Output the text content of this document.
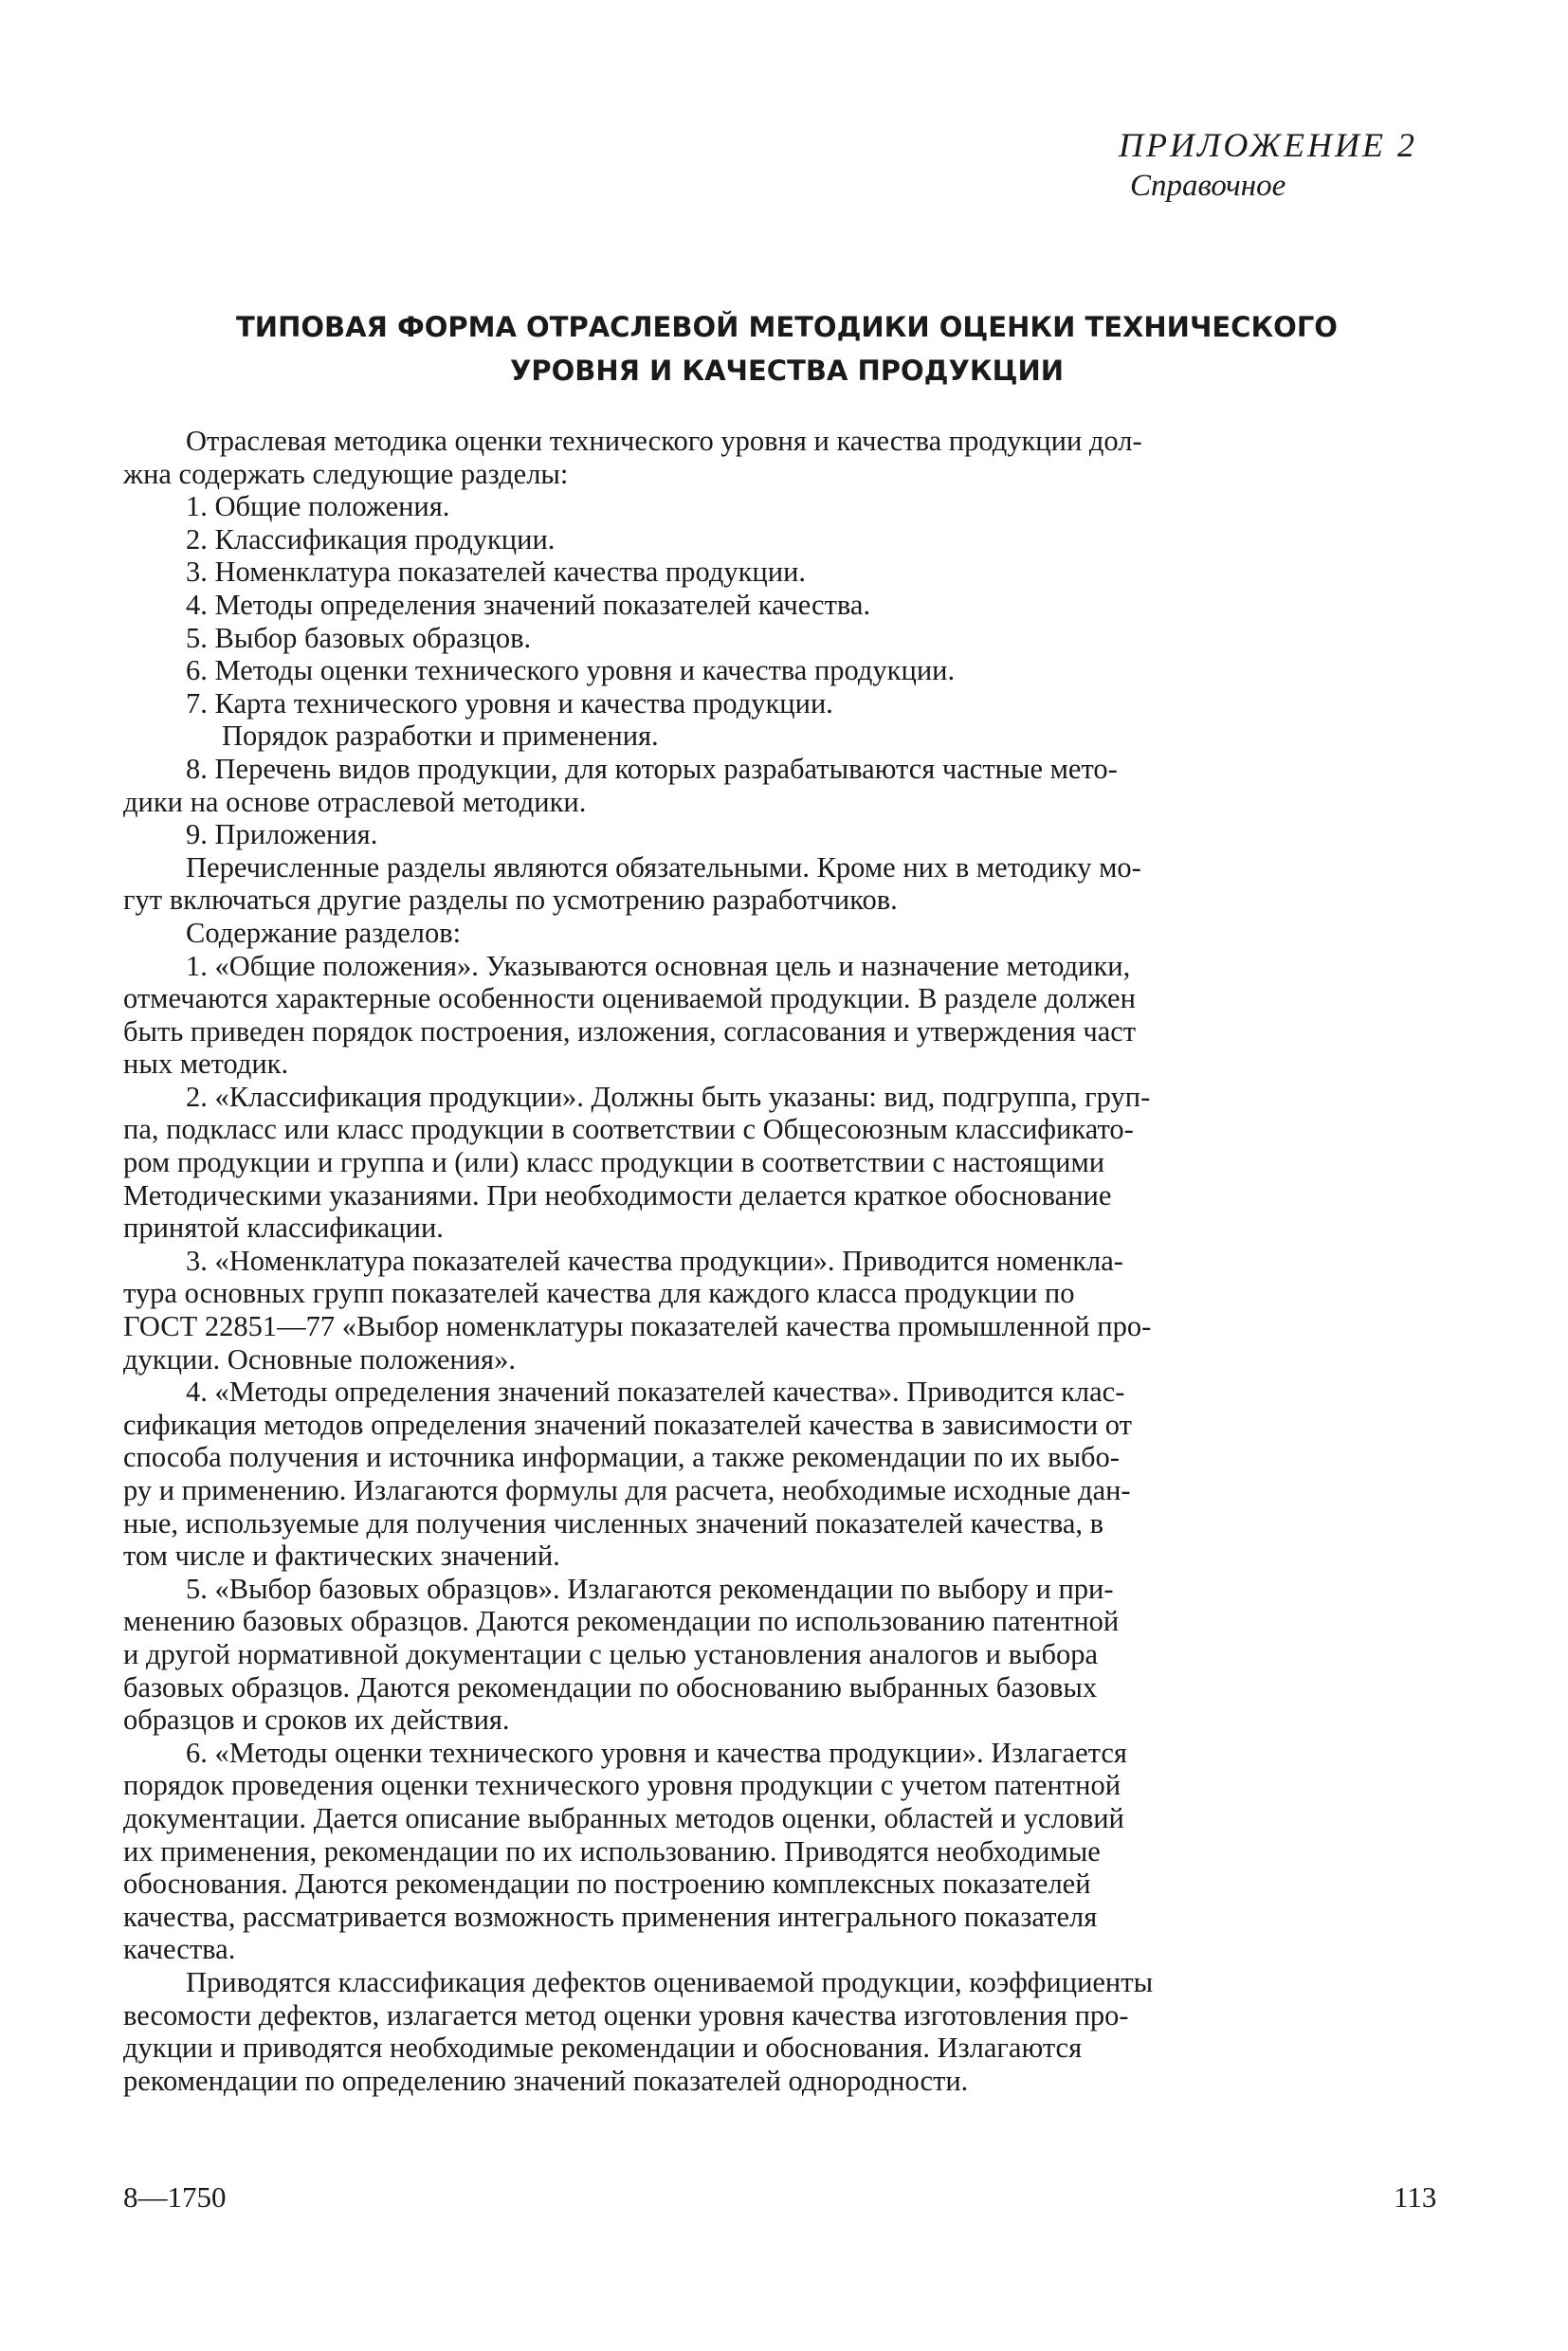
ПРИЛОЖЕНИЕ 2
Справочное
ТИПОВАЯ ФОРМА ОТРАСЛЕВОЙ МЕТОДИКИ ОЦЕНКИ ТЕХНИЧЕСКОГО
УРОВНЯ И КАЧЕСТВА ПРОДУКЦИИ
Отраслевая методика оценки технического уровня и качества продукции дол-
жна содержать следующие разделы:
1. Общие положения.
2. Классификация продукции.
3. Номенклатура показателей качества продукции.
4. Методы определения значений показателей качества.
5. Выбор базовых образцов.
6. Методы оценки технического уровня и качества продукции.
7. Карта технического уровня и качества продукции.
Порядок разработки и применения.
8. Перечень видов продукции, для которых разрабатываются частные мето-
дики на основе отраслевой методики.
9. Приложения.
Перечисленные разделы являются обязательными. Кроме них в методику мо-
гут включаться другие разделы по усмотрению разработчиков.
Содержание разделов:
1. «Общие положения». Указываются основная цель и назначение методики,
отмечаются характерные особенности оцениваемой продукции. В разделе должен
быть приведен порядок построения, изложения, согласования и утверждения част
ных методик.
2. «Классификация продукции». Должны быть указаны: вид, подгруппа, груп-
па, подкласс или класс продукции в соответствии с Общесоюзным классификато-
ром продукции и группа и (или) класс продукции в соответствии с настоящими
Методическими указаниями. При необходимости делается краткое обоснование
принятой классификации.
3. «Номенклатура показателей качества продукции». Приводится номенкла-
тура основных групп показателей качества для каждого класса продукции по
ГОСТ 22851—77 «Выбор номенклатуры показателей качества промышленной про-
дукции. Основные положения».
4. «Методы определения значений показателей качества». Приводится клас-
сификация методов определения значений показателей качества в зависимости от
способа получения и источника информации, а также рекомендации по их выбо-
ру и применению. Излагаются формулы для расчета, необходимые исходные дан-
ные, используемые для получения численных значений показателей качества, в
том числе и фактических значений.
5. «Выбор базовых образцов». Излагаются рекомендации по выбору и при-
менению базовых образцов. Даются рекомендации по использованию патентной
и другой нормативной документации с целью установления аналогов и выбора
базовых образцов. Даются рекомендации по обоснованию выбранных базовых
образцов и сроков их действия.
6. «Методы оценки технического уровня и качества продукции». Излагается
порядок проведения оценки технического уровня продукции с учетом патентной
документации. Дается описание выбранных методов оценки, областей и условий
их применения, рекомендации по их использованию. Приводятся необходимые
обоснования. Даются рекомендации по построению комплексных показателей
качества, рассматривается возможность применения интегрального показателя
качества.
Приводятся классификация дефектов оцениваемой продукции, коэффициенты
весомости дефектов, излагается метод оценки уровня качества изготовления про-
дукции и приводятся необходимые рекомендации и обоснования. Излагаются
рекомендации по определению значений показателей однородности.
8—1750	113
